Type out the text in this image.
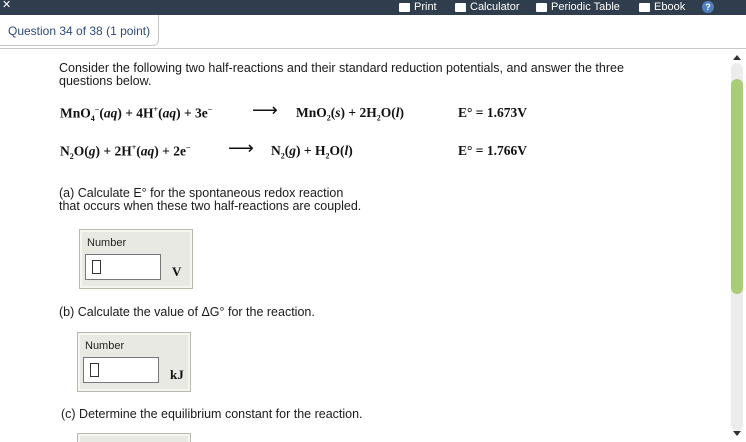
✕	Print	Calculator	Periodic Table	Ebook	?
Question 34 of 38 (1 point)
Consider the following two half-reactions and their standard reduction potentials, and answer the three
questions below.
MnO$_4$−(aq) + 4H+(aq) + 3e− ⟶ $MnO_2(s) + 2H_2O(l)$	E° = 1.673V
$N_2O(g) + 2H^+(aq) + 2e^-$ ⟶ $N_2(g) + H_2O(l)$	E° = 1.766V
(a) Calculate E° for the spontaneous redox reaction
that occurs when these two half-reactions are coupled.
Number
V
(b) Calculate the value of ΔG° for the reaction.
Number
kJ
(c) Determine the equilibrium constant for the reaction.
